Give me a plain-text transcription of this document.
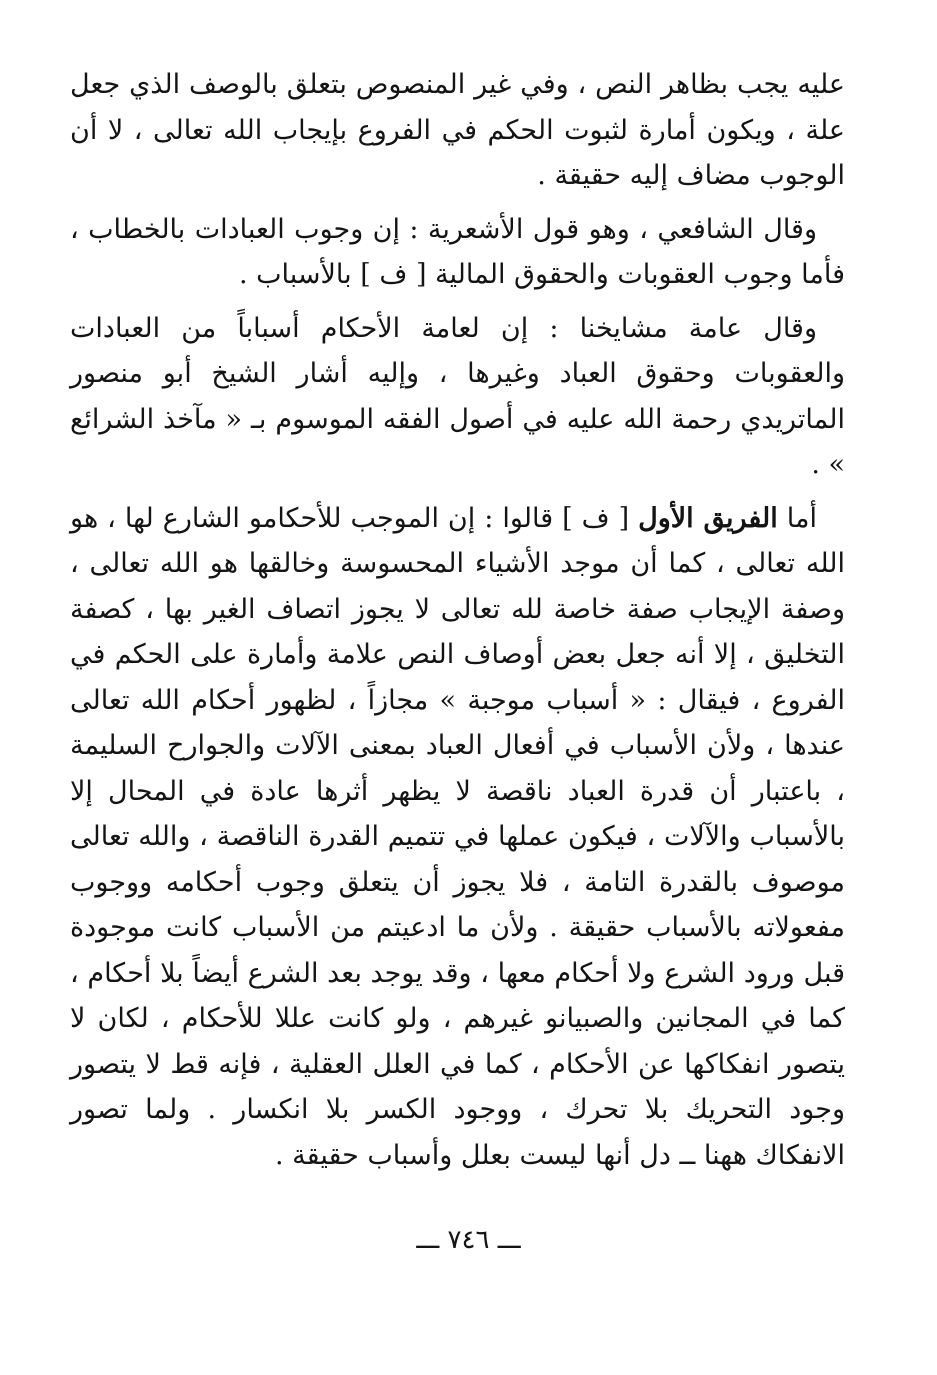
عليه يجب بظاهر النص ، وفي غير المنصوص بتعلق بالوصف الذي جعل علة ، ويكون أمارة لثبوت الحكم في الفروع بإيجاب الله تعالى ، لا أن الوجوب مضاف إليه حقيقة .

وقال الشافعي ، وهو قول الأشعرية : إن وجوب العبادات بالخطاب ، فأما وجوب العقوبات والحقوق المالية [ ف ] بالأسباب .

وقال عامة مشايخنا : إن لعامة الأحكام أسباباً من العبادات والعقوبات وحقوق العباد وغيرها ، وإليه أشار الشيخ أبو منصور الماتريدي رحمة الله عليه في أصول الفقه الموسوم بـ « مآخذ الشرائع » .

أما الفريق الأول [ ف ] قالوا : إن الموجب للأحكامو الشارع لها ، هو الله تعالى ، كما أن موجد الأشياء المحسوسة وخالقها هو الله تعالى ، وصفة الإيجاب صفة خاصة لله تعالى لا يجوز اتصاف الغير بها ، كصفة التخليق ، إلا أنه جعل بعض أوصاف النص علامة وأمارة على الحكم في الفروع ، فيقال : « أسباب موجبة » مجازاً ، لظهور أحكام الله تعالى عندها ، ولأن الأسباب في أفعال العباد بمعنى الآلات والجوارح السليمة ، باعتبار أن قدرة العباد ناقصة لا يظهر أثرها عادة في المحال إلا بالأسباب والآلات ، فيكون عملها في تتميم القدرة الناقصة ، والله تعالى موصوف بالقدرة التامة ، فلا يجوز أن يتعلق وجوب أحكامه ووجوب مفعولاته بالأسباب حقيقة . ولأن ما ادعيتم من الأسباب كانت موجودة قبل ورود الشرع ولا أحكام معها ، وقد يوجد بعد الشرع أيضاً بلا أحكام ، كما في المجانين والصبيانو غيرهم ، ولو كانت عللا للأحكام ، لكان لا يتصور انفكاكها عن الأحكام ، كما في العلل العقلية ، فإنه قط لا يتصور وجود التحريك بلا تحرك ، ووجود الكسر بلا انكسار . ولما تصور الانفكاك ههنا ــ دل أنها ليست بعلل وأسباب حقيقة .

ـــ ٧٤٦ ـــ
